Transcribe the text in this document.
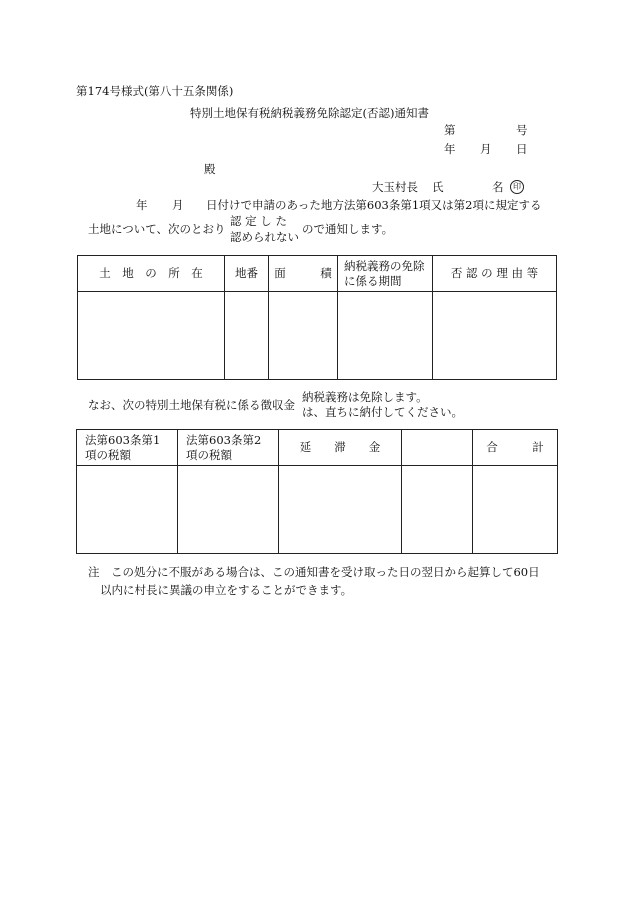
第174号様式(第八十五条関係)
特別土地保有税納税義務免除認定(否認)通知書
第	号
年 月 日
殿
大玉村長 氏	名	印
年 月 日付けで申請のあった地方法第603条第1項又は第2項に規定する
土地について、次のとおり
認 定 し た
認められない
ので通知します。
土　地　の　所　在	地番	面　　　積	納税義務の免除に係る期間	否 認 の 理 由 等

なお、次の特別土地保有税に係る徴収金
納税義務は免除します。
は、直ちに納付してください。
法第603条第1項の税額	法第603条第2項の税額	延　　滞　　金		合　　　計

注　この処分に不服がある場合は、この通知書を受け取った日の翌日から起算して60日
以内に村長に異議の申立をすることができます。
